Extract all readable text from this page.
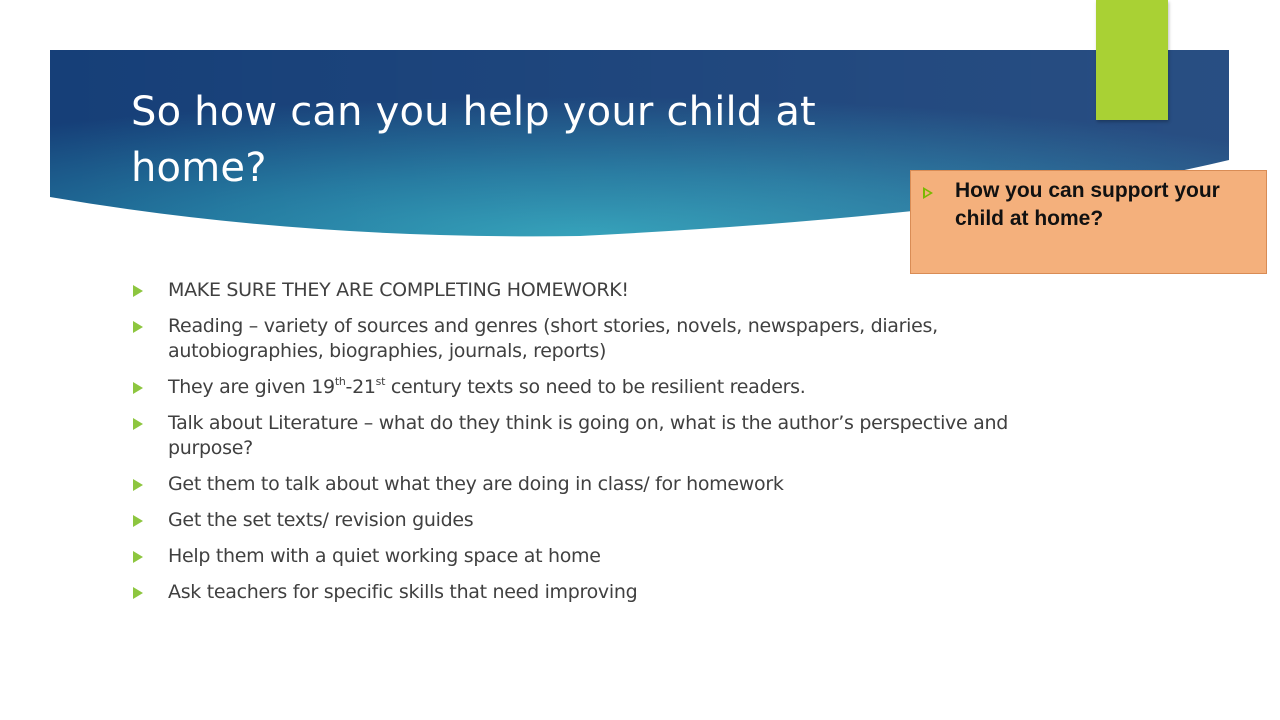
So how can you help your child at home?	How you can support your child at home?

MAKE SURE THEY ARE COMPLETING HOMEWORK!
Reading – variety of sources and genres (short stories, novels, newspapers, diaries, autobiographies, biographies, journals, reports)
They are given 19th-21st century texts so need to be resilient readers.
Talk about Literature – what do they think is going on, what is the author’s perspective and purpose?
Get them to talk about what they are doing in class/ for homework
Get the set texts/ revision guides
Help them with a quiet working space at home
Ask teachers for specific skills that need improving
